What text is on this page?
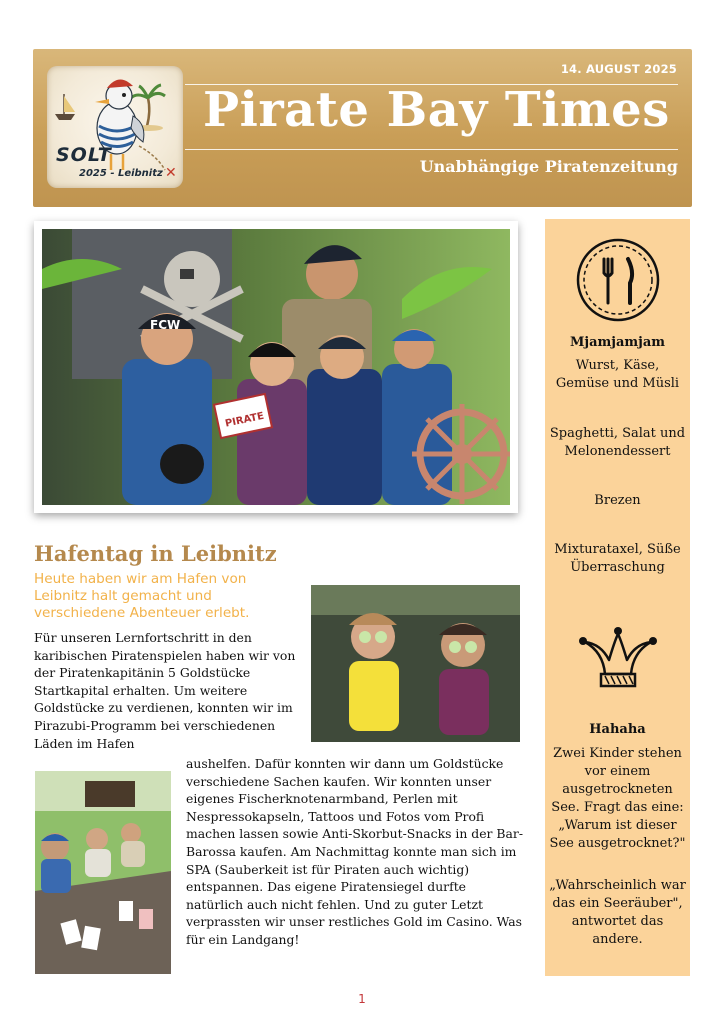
SOLT
2025 - Leibnitz ✕
14. AUGUST 2025
Pirate Bay Times
Unabhängige Piratenzeitung
PIRATE
FCW
Mjamjamjam
Wurst, Käse, Gemüse und Müsli
Spaghetti, Salat und Melonendessert
Brezen
Mixturataxel, Süße Überraschung
Hahaha
Zwei Kinder stehen vor einem ausgetrockneten See. Fragt das eine: „Warum ist dieser See ausgetrocknet?"
„Wahrscheinlich war das ein Seeräuber", antwortet das andere.
Hafentag in Leibnitz
Heute haben wir am Hafen von Leibnitz halt gemacht und verschiedene Abenteuer erlebt.
Für unseren Lernfortschritt in den karibischen Piratenspielen haben wir von der Piratenkapitänin 5 Goldstücke Startkapital erhalten. Um weitere Goldstücke zu verdienen, konnten wir im Pirazubi-Programm bei verschiedenen Läden im Hafen
aushelfen. Dafür konnten wir dann um Goldstücke verschiedene Sachen kaufen. Wir konnten unser eigenes Fischerknotenarmband, Perlen mit Nespressokapseln, Tattoos und Fotos vom Profi machen lassen sowie Anti-Skorbut-Snacks in der Bar-Barossa kaufen. Am Nachmittag konnte man sich im SPA (Sauberkeit ist für Piraten auch wichtig) entspannen. Das eigene Piratensiegel durfte natürlich auch nicht fehlen. Und zu guter Letzt verprassten wir unser restliches Gold im Casino. Was für ein Landgang!
1
